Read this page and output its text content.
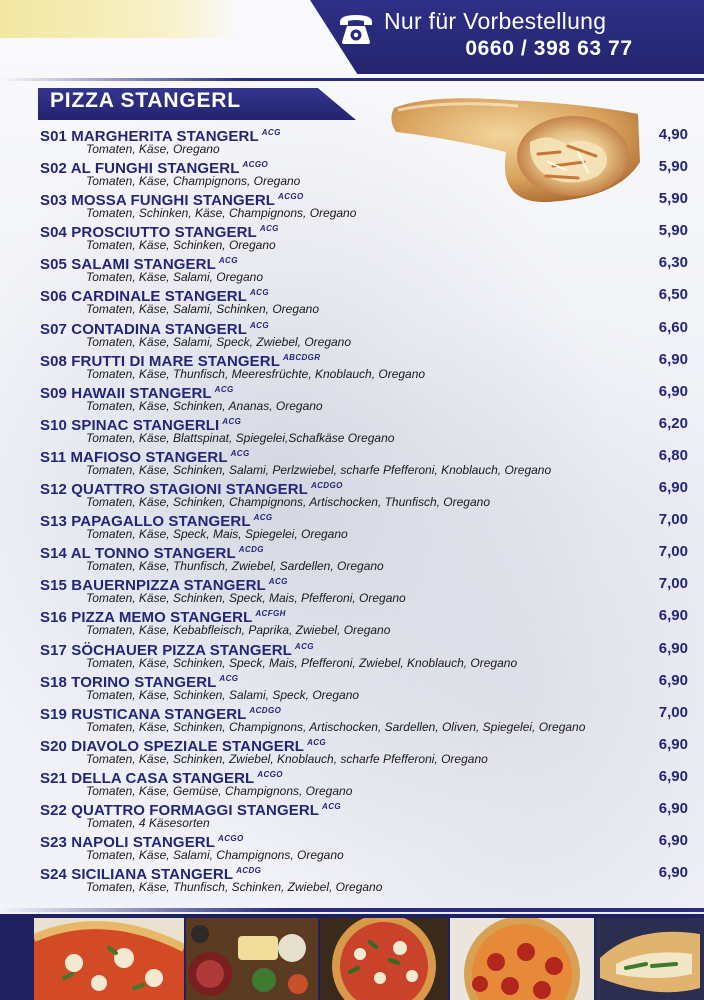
Nur für Vorbestellung
0660 / 398 63 77
PIZZA STANGERL
S01 MARGHERITA STANGERL $^{ACG}$
Tomaten, Käse, Oregano
4,90
S02 AL FUNGHI STANGERL $^{ACGO}$
Tomaten, Käse, Champignons, Oregano
5,90
S03 MOSSA FUNGHI STANGERL $^{ACGO}$
Tomaten, Schinken, Käse, Champignons, Oregano
5,90
S04 PROSCIUTTO STANGERL $^{ACG}$
Tomaten, Käse, Schinken, Oregano
5,90
S05 SALAMI STANGERL $^{ACG}$
Tomaten, Käse, Salami, Oregano
6,30
S06 CARDINALE STANGERL $^{ACG}$
Tomaten, Käse, Salami, Schinken, Oregano
6,50
S07 CONTADINA STANGERL $^{ACG}$
Tomaten, Käse, Salami, Speck, Zwiebel, Oregano
6,60
S08 FRUTTI DI MARE STANGERL $^{ABCDGR}$
Tomaten, Käse, Thunfisch, Meeresfrüchte, Knoblauch, Oregano
6,90
S09 HAWAII STANGERL $^{ACG}$
Tomaten, Käse, Schinken, Ananas, Oregano
6,90
S10 SPINAC STANGERLI $^{ACG}$
Tomaten, Käse, Blattspinat, Spiegelei,Schafkäse Oregano
6,20
S11 MAFIOSO STANGERL $^{ACG}$
Tomaten, Käse, Schinken, Salami, Perlzwiebel, scharfe Pfefferoni, Knoblauch, Oregano
6,80
S12 QUATTRO STAGIONI STANGERL $^{ACDGO}$
Tomaten, Käse, Schinken, Champignons, Artischocken, Thunfisch, Oregano
6,90
S13 PAPAGALLO STANGERL $^{ACG}$
Tomaten, Käse, Speck, Mais, Spiegelei, Oregano
7,00
S14 AL TONNO STANGERL $^{ACDG}$
Tomaten, Käse, Thunfisch, Zwiebel, Sardellen, Oregano
7,00
S15 BAUERNPIZZA STANGERL $^{ACG}$
Tomaten, Käse, Schinken, Speck, Mais, Pfefferoni, Oregano
7,00
S16 PIZZA MEMO STANGERL $^{ACFGH}$
Tomaten, Käse, Kebabfleisch, Paprika, Zwiebel, Oregano
6,90
S17 SÖCHAUER PIZZA STANGERL $^{ACG}$
Tomaten, Käse, Schinken, Speck, Mais, Pfefferoni, Zwiebel, Knoblauch, Oregano
6,90
S18 TORINO STANGERL $^{ACG}$
Tomaten, Käse, Schinken, Salami, Speck, Oregano
6,90
S19 RUSTICANA STANGERL $^{ACDGO}$
Tomaten, Käse, Schinken, Champignons, Artischocken, Sardellen, Oliven, Spiegelei, Oregano
7,00
S20 DIAVOLO SPEZIALE STANGERL $^{ACG}$
Tomaten, Käse, Schinken, Zwiebel, Knoblauch, scharfe Pfefferoni, Oregano
6,90
S21 DELLA CASA STANGERL $^{ACGO}$
Tomaten, Käse, Gemüse, Champignons, Oregano
6,90
S22 QUATTRO FORMAGGI STANGERL $^{ACG}$
Tomaten, 4 Käsesorten
6,90
S23 NAPOLI STANGERL $^{ACGO}$
Tomaten, Käse, Salami, Champignons, Oregano
6,90
S24 SICILIANA STANGERL $^{ACDG}$
Tomaten, Käse, Thunfisch, Schinken, Zwiebel, Oregano
6,90
